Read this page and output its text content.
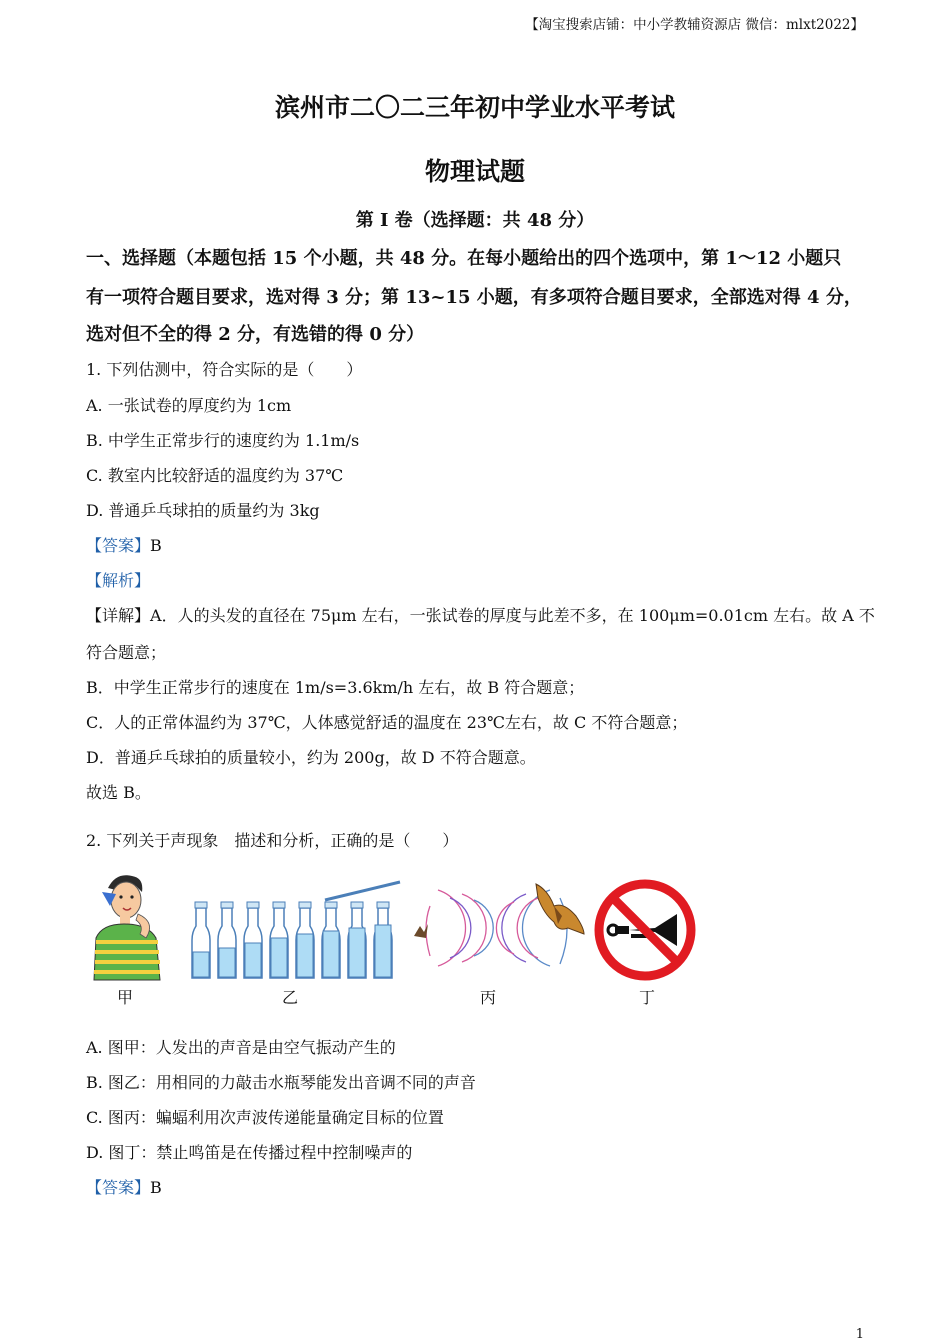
【淘宝搜索店铺：中小学教辅资源店 微信：mlxt2022】
滨州市二〇二三年初中学业水平考试
物理试题
第 I 卷（选择题：共 48 分）
一、选择题（本题包括 15 个小题，共 48 分。在每小题给出的四个选项中，第 1〜12 小题只
有一项符合题目要求，选对得 3 分；第 13~15 小题，有多项符合题目要求，全部选对得 4 分，
选对但不全的得 2 分，有选错的得 0 分）
1. 下列估测中，符合实际的是（　　）
A. 一张试卷的厚度约为 1cm
B. 中学生正常步行的速度约为 1.1m/s
C. 教室内比较舒适的温度约为 37℃
D. 普通乒乓球拍的质量约为 3kg
【答案】B
【解析】
【详解】A．人的头发的直径在 75μm 左右，一张试卷的厚度与此差不多，在 100μm=0.01cm 左右。故 A 不
符合题意；
B．中学生正常步行的速度在 1m/s=3.6km/h 左右，故 B 符合题意；
C．人的正常体温约为 37℃，人体感觉舒适的温度在 23℃左右，故 C 不符合题意；
D．普通乒乓球拍的质量较小，约为 200g，故 D 不符合题意。
故选 B。
2. 下列关于声现象　描述和分析，正确的是（　　）
甲	乙	丙	丁
A. 图甲：人发出的声音是由空气振动产生的
B. 图乙：用相同的力敲击水瓶琴能发出音调不同的声音
C. 图丙：蝙蝠利用次声波传递能量确定目标的位置
D. 图丁：禁止鸣笛是在传播过程中控制噪声的
【答案】B
1
